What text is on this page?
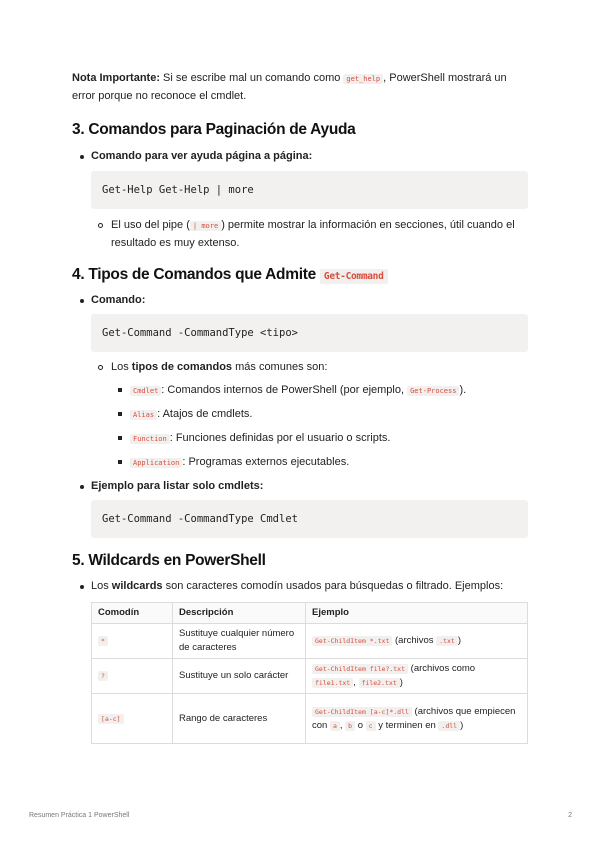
Nota Importante: Si se escribe mal un comando como get_help , PowerShell mostrará un error porque no reconoce el cmdlet.

3. Comandos para Paginación de Ayuda
Comando para ver ayuda página a página:
Get-Help Get-Help | more
El uso del pipe ( | more ) permite mostrar la información en secciones, útil cuando el resultado es muy extenso.
4. Tipos de Comandos que Admite Get-Command
Comando:
Get-Command -CommandType <tipo>
Los tipos de comandos más comunes son:
Cmdlet : Comandos internos de PowerShell (por ejemplo, Get-Process ).
Alias : Atajos de cmdlets.
Function : Funciones definidas por el usuario o scripts.
Application : Programas externos ejecutables.
Ejemplo para listar solo cmdlets:
Get-Command -CommandType Cmdlet
5. Wildcards en PowerShell
Los wildcards son caracteres comodín usados para búsquedas o filtrado. Ejemplos:
Comodín	Descripción	Ejemplo
*	Sustituye cualquier número de caracteres	Get-ChildItem *.txt (archivos .txt )
?	Sustituye un solo carácter	Get-ChildItem file?.txt (archivos como file1.txt , file2.txt )
[a-c]	Rango de caracteres	Get-ChildItem [a-c]*.dll (archivos que empiecen con a , b o c y terminen en .dll )
Resumen Práctica 1 PowerShell	2
